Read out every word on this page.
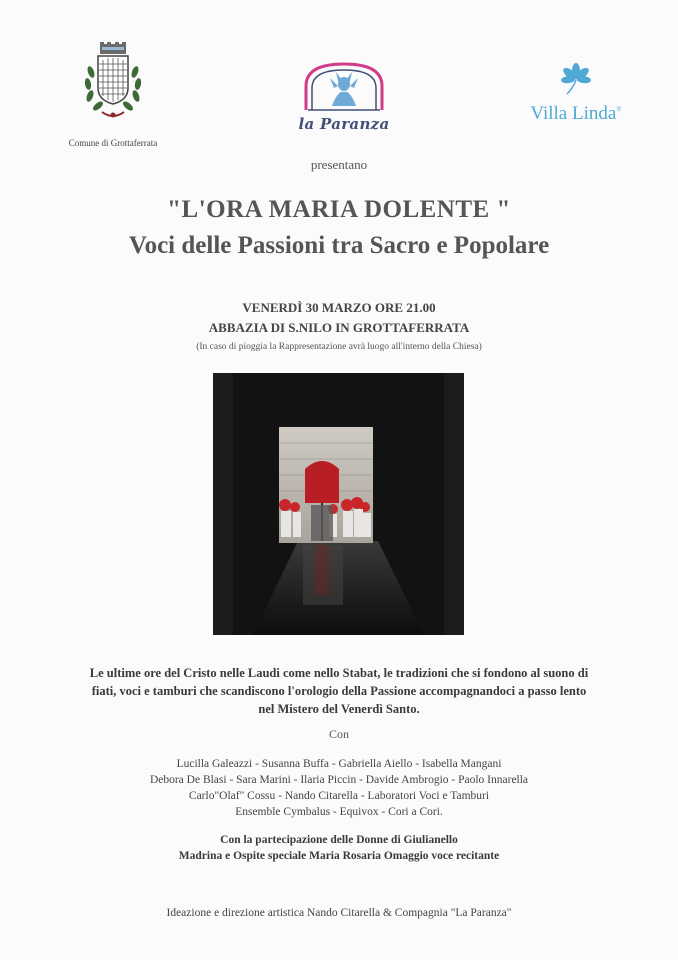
Comune di Grottaferrata
la Paranza	Villa Linda®
presentano
"L'ORA MARIA DOLENTE "
Voci delle Passioni tra Sacro e Popolare
VENERDÌ 30 MARZO ORE 21.00
ABBAZIA DI S.NILO IN GROTTAFERRATA
(In caso di pioggia la Rappresentazione avrà luogo all'interno della Chiesa)
Le ultime ore del Cristo nelle Laudi come nello Stabat, le tradizioni che si fondono al suono di
fiati, voci e tamburi che scandiscono l'orologio della Passione accompagnandoci a passo lento
nel Mistero del Venerdì Santo.
Con
Lucilla Galeazzi - Susanna Buffa - Gabriella Aiello - Isabella Mangani
Debora De Blasi - Sara Marini - Ilaria Piccin - Davide Ambrogio - Paolo Innarella
Carlo"Olaf" Cossu - Nando Citarella - Laboratori Voci e Tamburi
Ensemble Cymbalus - Equivox - Cori a Cori.
Con la partecipazione delle Donne di Giulianello
Madrina e Ospite speciale Maria Rosaria Omaggio voce recitante
Ideazione e direzione artistica Nando Citarella & Compagnia "La Paranza"
